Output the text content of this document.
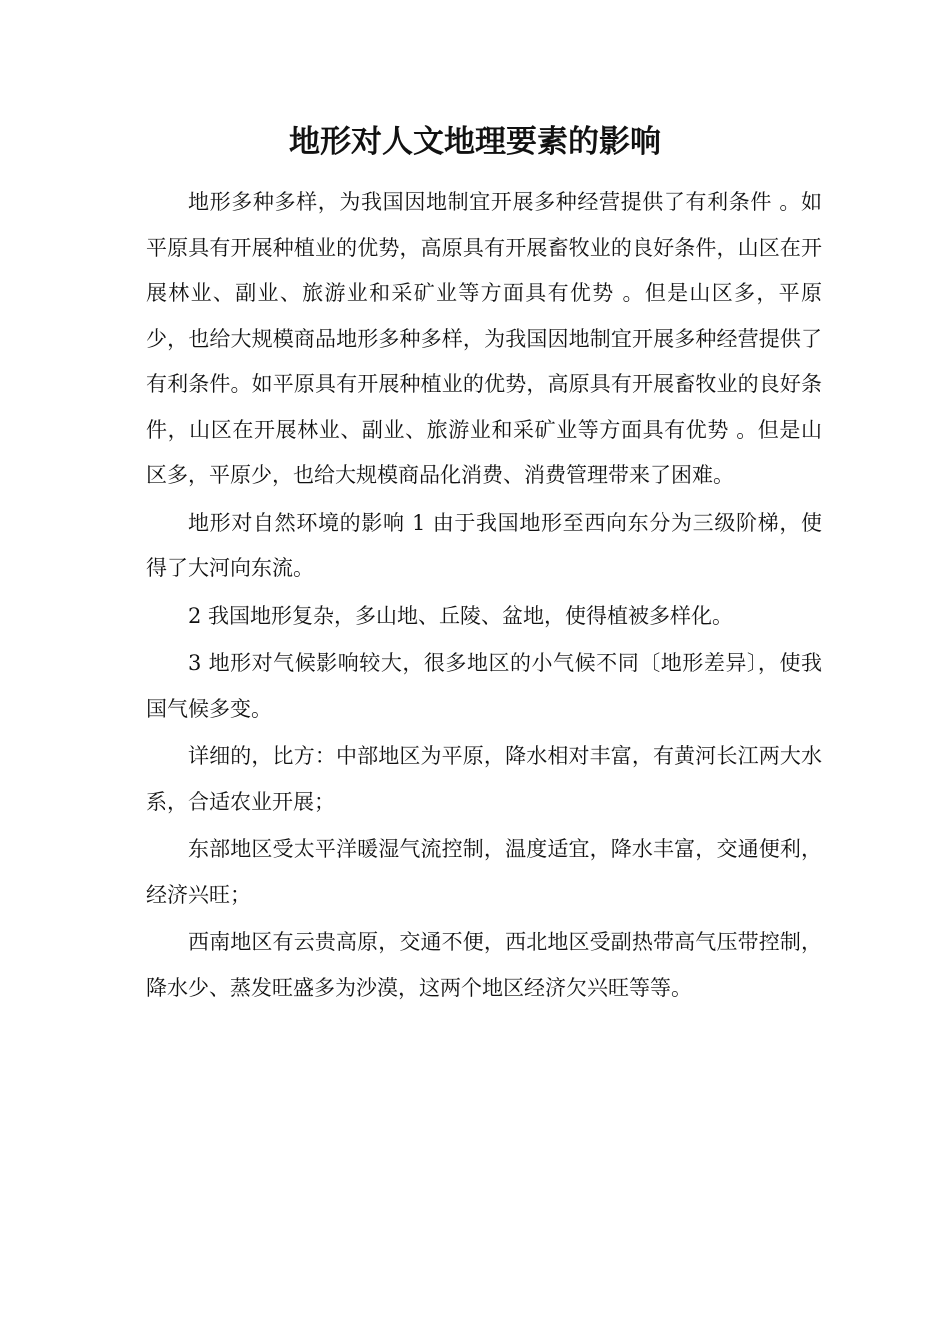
地形对人文地理要素的影响

地形多种多样，为我国因地制宜开展多种经营提供了有利条件 。如平原具有开展种植业的优势，高原具有开展畜牧业的良好条件，山区在开展林业、副业、旅游业和采矿业等方面具有优势 。但是山区多，平原少，也给大规模商品地形多种多样，为我国因地制宜开展多种经营提供了有利条件。如平原具有开展种植业的优势，高原具有开展畜牧业的良好条件，山区在开展林业、副业、旅游业和采矿业等方面具有优势 。但是山区多，平原少，也给大规模商品化消费、消费管理带来了困难。

地形对自然环境的影响 1 由于我国地形至西向东分为三级阶梯，使得了大河向东流。

2 我国地形复杂，多山地、丘陵、盆地，使得植被多样化。

3 地形对气候影响较大，很多地区的小气候不同〔地形差异〕，使我国气候多变。

详细的，比方：中部地区为平原，降水相对丰富，有黄河长江两大水系，合适农业开展；

东部地区受太平洋暖湿气流控制，温度适宜，降水丰富，交通便利，经济兴旺；

西南地区有云贵高原，交通不便，西北地区受副热带高气压带控制，降水少、蒸发旺盛多为沙漠，这两个地区经济欠兴旺等等。
